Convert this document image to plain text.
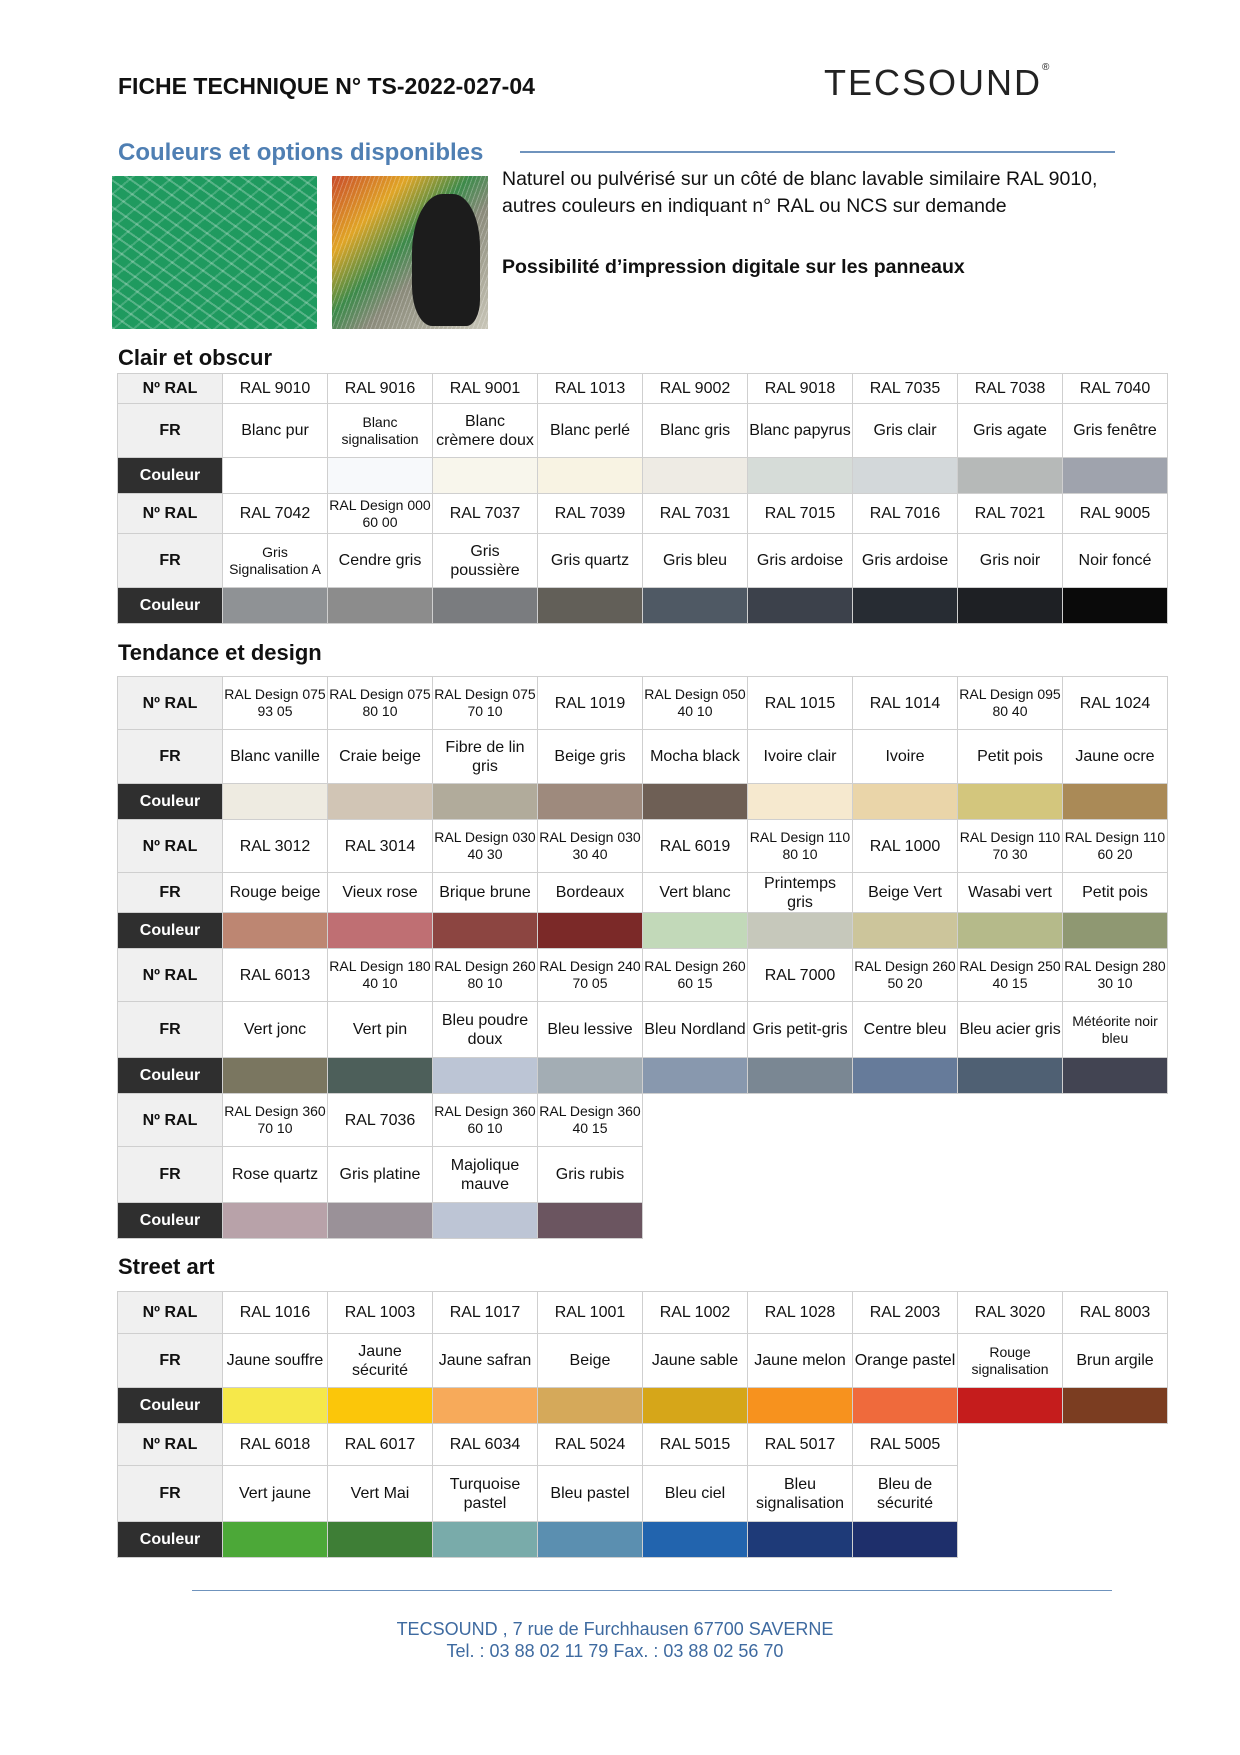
FICHE TECHNIQUE N° TS-2022-027-04	TECSOUND®
Couleurs et options disponibles
Naturel ou pulvérisé sur un côté de blanc lavable similaire RAL 9010, autres couleurs en indiquant n° RAL ou NCS sur demande
Possibilité d’impression digitale sur les panneaux
Clair et obscur
Nº RAL	RAL 9010	RAL 9016	RAL 9001	RAL 1013	RAL 9002	RAL 9018	RAL 7035	RAL 7038	RAL 7040
FR	Blanc pur	Blanc signalisation	Blanc crèmere doux	Blanc perlé	Blanc gris	Blanc papyrus	Gris clair	Gris agate	Gris fenêtre
Couleur									
Nº RAL	RAL 7042	RAL Design 000 60 00	RAL 7037	RAL 7039	RAL 7031	RAL 7015	RAL 7016	RAL 7021	RAL 9005
FR	Gris Signalisation A	Cendre gris	Gris poussière	Gris quartz	Gris bleu	Gris ardoise	Gris ardoise	Gris noir	Noir foncé
Couleur									
Tendance et design
Nº RAL	RAL Design 075 93 05	RAL Design 075 80 10	RAL Design 075 70 10	RAL 1019	RAL Design 050 40 10	RAL 1015	RAL 1014	RAL Design 095 80 40	RAL 1024
FR	Blanc vanille	Craie beige	Fibre de lin gris	Beige gris	Mocha black	Ivoire clair	Ivoire	Petit pois	Jaune ocre
Couleur									
Nº RAL	RAL 3012	RAL 3014	RAL Design 030 40 30	RAL Design 030 30 40	RAL 6019	RAL Design 110 80 10	RAL 1000	RAL Design 110 70 30	RAL Design 110 60 20
FR	Rouge beige	Vieux rose	Brique brune	Bordeaux	Vert blanc	Printemps gris	Beige Vert	Wasabi vert	Petit pois
Couleur									
Nº RAL	RAL 6013	RAL Design 180 40 10	RAL Design 260 80 10	RAL Design 240 70 05	RAL Design 260 60 15	RAL 7000	RAL Design 260 50 20	RAL Design 250 40 15	RAL Design 280 30 10
FR	Vert jonc	Vert pin	Bleu poudre doux	Bleu lessive	Bleu Nordland	Gris petit-gris	Centre bleu	Bleu acier gris	Météorite noir bleu
Couleur									
Nº RAL	RAL Design 360 70 10	RAL 7036	RAL Design 360 60 10	RAL Design 360 40 15					
FR	Rose quartz	Gris platine	Majolique mauve	Gris rubis					
Couleur									
Street art
Nº RAL	RAL 1016	RAL 1003	RAL 1017	RAL 1001	RAL 1002	RAL 1028	RAL 2003	RAL 3020	RAL 8003
FR	Jaune souffre	Jaune sécurité	Jaune safran	Beige	Jaune sable	Jaune melon	Orange pastel	Rouge signalisation	Brun argile
Couleur									
Nº RAL	RAL 6018	RAL 6017	RAL 6034	RAL 5024	RAL 5015	RAL 5017	RAL 5005		
FR	Vert jaune	Vert Mai	Turquoise pastel	Bleu pastel	Bleu ciel	Bleu signalisation	Bleu de sécurité		
Couleur									
TECSOUND , 7 rue de Furchhausen 67700 SAVERNE
Tel. : 03 88 02 11 79 Fax. : 03 88 02 56 70
